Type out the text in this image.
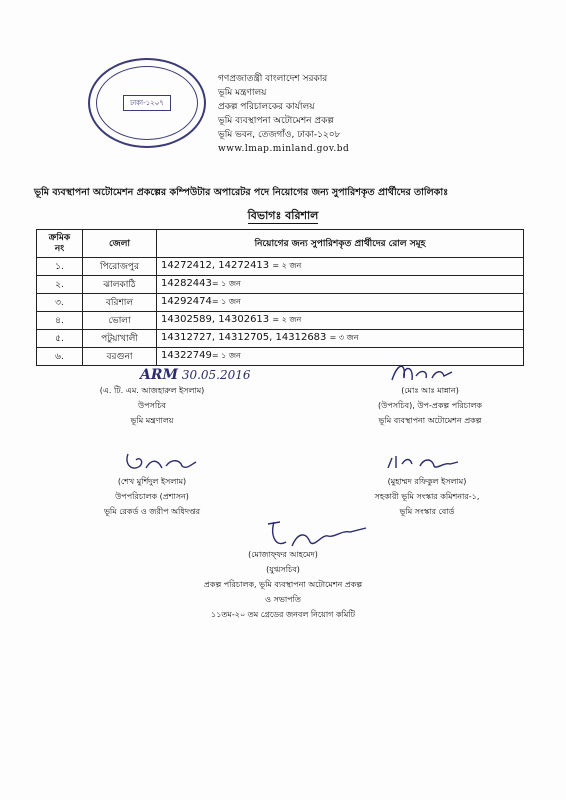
ঢাকা-১২০৭
গণপ্রজাতন্ত্রী বাংলাদেশ সরকার
ভূমি মন্ত্রণালয়
প্রকল্প পরিচালকের কার্যালয়
ভূমি ব্যবস্থাপনা অটোমেশন প্রকল্প
ভূমি ভবন, তেজগাঁও, ঢাকা-১২০৮
www.lmap.minland.gov.bd
ভূমি ব্যবস্থাপনা অটোমেশন প্রকল্পের কম্পিউটার অপারেটর পদে নিয়োগের জন্য সুপারিশকৃত প্রার্থীদের তালিকাঃ
বিভাগঃ বরিশাল
ক্রমিক
নং	জেলা	নিয়োগের জন্য সুপারিশকৃত প্রার্থীদের রোল সমূহ
১.	পিরোজপুর	14272412, 14272413 = ২ জন
২.	ঝালকাঠি	14282443= ১ জন
৩.	বরিশাল	14292474= ১ জন
৪.	ভোলা	14302589, 14302613 = ২ জন
৫.	পটুয়াখালী	14312727, 14312705, 14312683 = ৩ জন
৬.	বরগুনা	14322749= ১ জন
ARM 30.05.2016
(এ. টি. এম. আজহারুল ইসলাম)
উপসচিব
ভূমি মন্ত্রণালয়
(মোঃ আঃ মান্নান)
(উপসচিব), উপ-প্রকল্প পরিচালক
ভূমি ব্যবস্থাপনা অটোমেশন প্রকল্প
(শেখ মুর্শিদুল ইসলাম)
উপপরিচালক (প্রশাসন)
ভূমি রেকর্ড ও জরীপ অধিদপ্তর
(মুহাম্মদ রফিকুল ইসলাম)
সহকারী ভূমি সংস্কার কমিশনার-১,
ভূমি সংস্কার বোর্ড
(মোজাফ্ফর আহমেদ)
(যুগ্মসচিব)
প্রকল্প পরিচালক, ভূমি ব্যবস্থাপনা অটোমেশন প্রকল্প
ও সভাপতি
১১তম-২০ তম গ্রেডের জনবল নিয়োগ কমিটি
